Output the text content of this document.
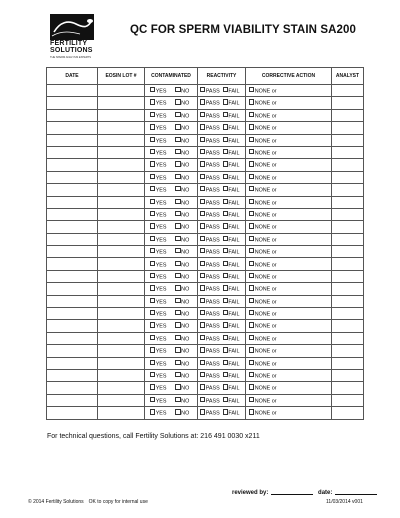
FERTILITY
SOLUTIONS
THE SPERM ANALYSIS EXPERTS
QC FOR SPERM VIABILITY STAIN SA200
DATE	EOSIN LOT #	CONTAMINATED	REACTIVITY	CORRECTIVE ACTION	ANALYST
		YES NO	PASS FAIL	NONE or	
		YES NO	PASS FAIL	NONE or	
		YES NO	PASS FAIL	NONE or	
		YES NO	PASS FAIL	NONE or	
		YES NO	PASS FAIL	NONE or	
		YES NO	PASS FAIL	NONE or	
		YES NO	PASS FAIL	NONE or	
		YES NO	PASS FAIL	NONE or	
		YES NO	PASS FAIL	NONE or	
		YES NO	PASS FAIL	NONE or	
		YES NO	PASS FAIL	NONE or	
		YES NO	PASS FAIL	NONE or	
		YES NO	PASS FAIL	NONE or	
		YES NO	PASS FAIL	NONE or	
		YES NO	PASS FAIL	NONE or	
		YES NO	PASS FAIL	NONE or	
		YES NO	PASS FAIL	NONE or	
		YES NO	PASS FAIL	NONE or	
		YES NO	PASS FAIL	NONE or	
		YES NO	PASS FAIL	NONE or	
		YES NO	PASS FAIL	NONE or	
		YES NO	PASS FAIL	NONE or	
		YES NO	PASS FAIL	NONE or	
		YES NO	PASS FAIL	NONE or	
		YES NO	PASS FAIL	NONE or	
		YES NO	PASS FAIL	NONE or	
		YES NO	PASS FAIL	NONE or	
For technical questions, call Fertility Solutions at: 216 491 0030 x211
reviewed by:	date:
© 2014 Fertility Solutions OK to copy for internal use	11/03/2014 v001
